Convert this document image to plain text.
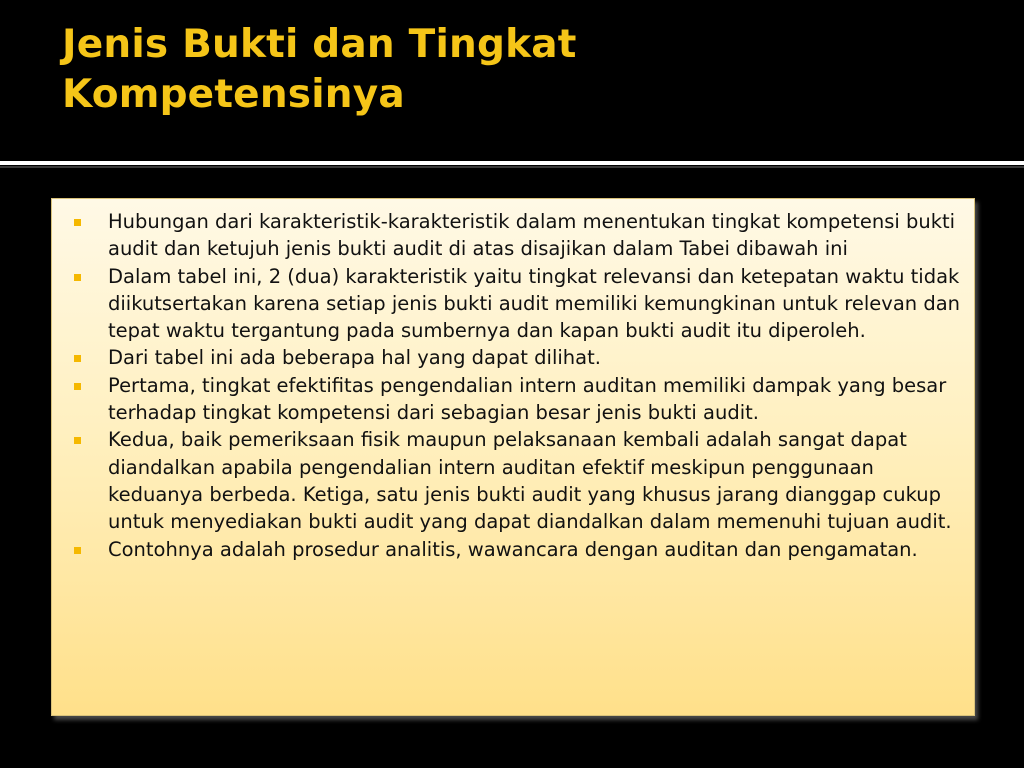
Jenis Bukti dan Tingkat
Kompetensinya
Hubungan dari karakteristik-karakteristik dalam menentukan tingkat kompetensi bukti audit dan ketujuh jenis bukti audit di atas disajikan dalam Tabei dibawah ini
Dalam tabel ini, 2 (dua) karakteristik yaitu tingkat relevansi dan ketepatan waktu tidak diikutsertakan karena setiap jenis bukti audit memiliki kemungkinan untuk relevan dan tepat waktu tergantung pada sumbernya dan kapan bukti audit itu diperoleh.
Dari tabel ini ada beberapa hal yang dapat dilihat.
Pertama, tingkat efektifitas pengendalian intern auditan memiliki dampak yang besar terhadap tingkat kompetensi dari sebagian besar jenis bukti audit.
Kedua, baik pemeriksaan fisik maupun pelaksanaan kembali adalah sangat dapat diandalkan apabila pengendalian intern auditan efektif meskipun penggunaan keduanya berbeda. Ketiga, satu jenis bukti audit yang khusus jarang dianggap cukup untuk menyediakan bukti audit yang dapat diandalkan dalam memenuhi tujuan audit.
Contohnya adalah prosedur analitis, wawancara dengan auditan dan pengamatan.
